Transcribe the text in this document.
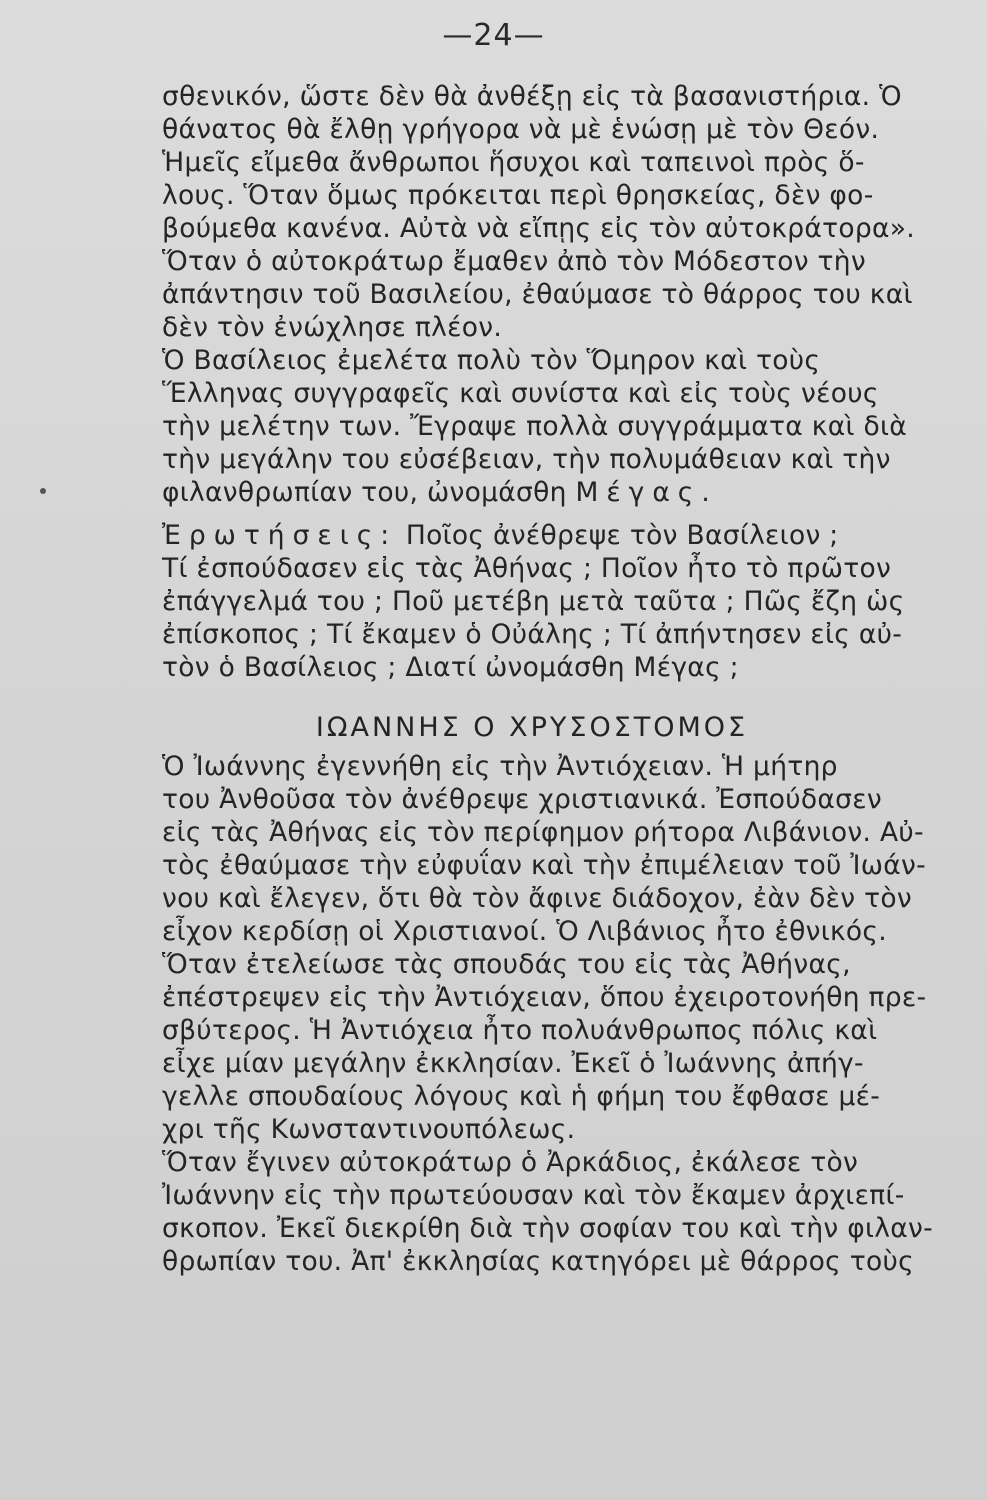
—24—
σθενικόν, ὥστε δὲν θὰ ἀνθέξῃ εἰς τὰ βασανιστήρια. Ὁ
θάνατος θὰ ἔλθῃ γρήγορα νὰ μὲ ἑνώσῃ μὲ τὸν Θεόν.
Ἡμεῖς εἴμεθα ἄνθρωποι ἥσυχοι καὶ ταπεινοὶ πρὸς ὅ-
λους. Ὅταν ὅμως πρόκειται περὶ θρησκείας, δὲν φο-
βούμεθα κανένα. Αὐτὰ νὰ εἴπῃς εἰς τὸν αὐτοκράτορα».
Ὅταν ὁ αὐτοκράτωρ ἔμαθεν ἀπὸ τὸν Μόδεστον τὴν
ἀπάντησιν τοῦ Βασιλείου, ἐθαύμασε τὸ θάρρος του καὶ
δὲν τὸν ἐνώχλησε πλέον.
Ὁ Βασίλειος ἐμελέτα πολὺ τὸν Ὅμηρον καὶ τοὺς
Ἕλληνας συγγραφεῖς καὶ συνίστα καὶ εἰς τοὺς νέους
τὴν μελέτην των. Ἔγραψε πολλὰ συγγράμματα καὶ διὰ
τὴν μεγάλην του εὐσέβειαν, τὴν πολυμάθειαν καὶ τὴν
φιλανθρωπίαν του, ὠνομάσθη Μέγας.
Ἐρωτήσεις: Ποῖος ἀνέθρεψε τὸν Βασίλειον ;
Τί ἐσπούδασεν εἰς τὰς Ἀθήνας ; Ποῖον ἦτο τὸ πρῶτον
ἐπάγγελμά του ; Ποῦ μετέβη μετὰ ταῦτα ; Πῶς ἔζη ὡς
ἐπίσκοπος ; Τί ἔκαμεν ὁ Οὐάλης ; Τί ἀπήντησεν εἰς αὐ-
τὸν ὁ Βασίλειος ; Διατί ὠνομάσθη Μέγας ;
ΙΩΑΝΝΗΣ Ο ΧΡΥΣΟΣΤΟΜΟΣ
Ὁ Ἰωάννης ἐγεννήθη εἰς τὴν Ἀντιόχειαν. Ἡ μήτηρ
του Ἀνθοῦσα τὸν ἀνέθρεψε χριστιανικά. Ἐσπούδασεν
εἰς τὰς Ἀθήνας εἰς τὸν περίφημον ρήτορα Λιβάνιον. Αὐ-
τὸς ἐθαύμασε τὴν εὐφυΐαν καὶ τὴν ἐπιμέλειαν τοῦ Ἰωάν-
νου καὶ ἔλεγεν, ὅτι θὰ τὸν ἄφινε διάδοχον, ἐὰν δὲν τὸν
εἶχον κερδίσῃ οἱ Χριστιανοί. Ὁ Λιβάνιος ἦτο ἐθνικός.
Ὅταν ἐτελείωσε τὰς σπουδάς του εἰς τὰς Ἀθήνας,
ἐπέστρεψεν εἰς τὴν Ἀντιόχειαν, ὅπου ἐχειροτονήθη πρε-
σβύτερος. Ἡ Ἀντιόχεια ἦτο πολυάνθρωπος πόλις καὶ
εἶχε μίαν μεγάλην ἐκκλησίαν. Ἐκεῖ ὁ Ἰωάννης ἀπήγ-
γελλε σπουδαίους λόγους καὶ ἡ φήμη του ἔφθασε μέ-
χρι τῆς Κωνσταντινουπόλεως.
Ὅταν ἔγινεν αὐτοκράτωρ ὁ Ἀρκάδιος, ἐκάλεσε τὸν
Ἰωάννην εἰς τὴν πρωτεύουσαν καὶ τὸν ἔκαμεν ἀρχιεπί-
σκοπον. Ἐκεῖ διεκρίθη διὰ τὴν σοφίαν του καὶ τὴν φιλαν-
θρωπίαν του. Ἀπ' ἐκκλησίας κατηγόρει μὲ θάρρος τοὺς
